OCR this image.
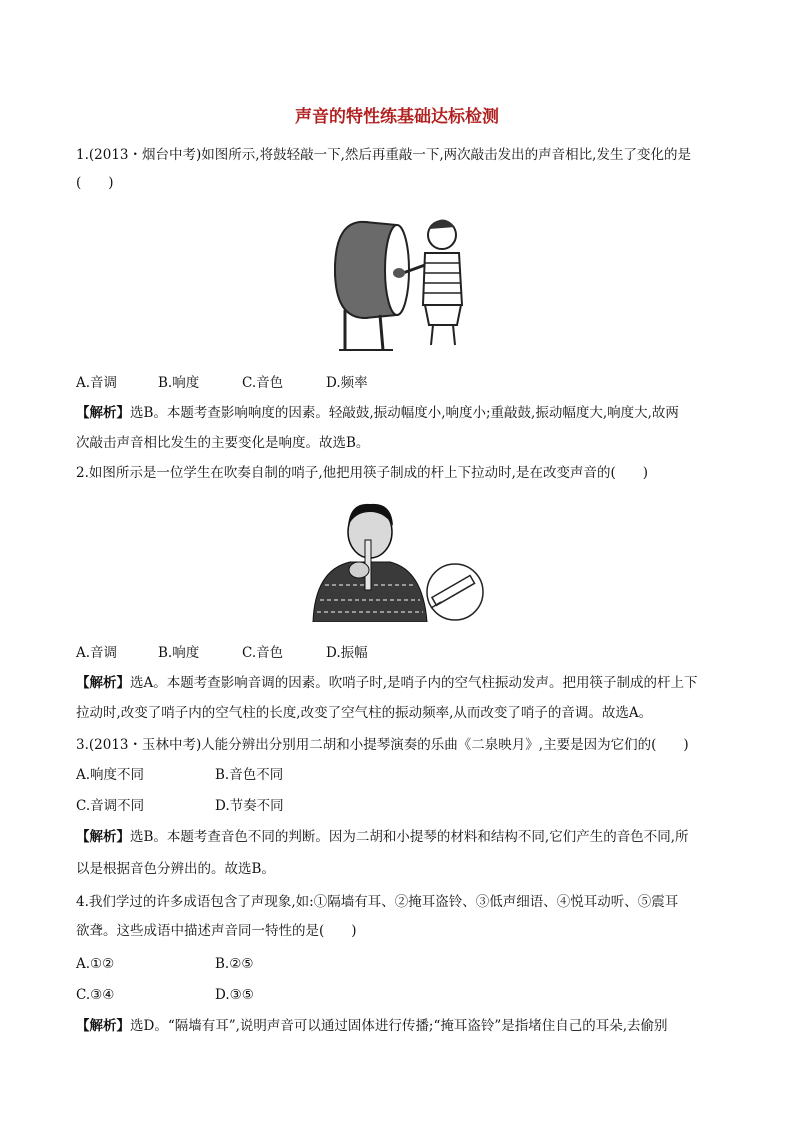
声音的特性练基础达标检测
1.(2013・烟台中考)如图所示,将鼓轻敲一下,然后再重敲一下,两次敲击发出的声音相比,发生了变化的是
(　　)
A.音调	B.响度	C.音色	D.频率
【解析】选B。本题考查影响响度的因素。轻敲鼓,振动幅度小,响度小;重敲鼓,振动幅度大,响度大,故两
次敲击声音相比发生的主要变化是响度。故选B。
2.如图所示是一位学生在吹奏自制的哨子,他把用筷子制成的杆上下拉动时,是在改变声音的(　　)
A.音调	B.响度	C.音色	D.振幅
【解析】选A。本题考查影响音调的因素。吹哨子时,是哨子内的空气柱振动发声。把用筷子制成的杆上下
拉动时,改变了哨子内的空气柱的长度,改变了空气柱的振动频率,从而改变了哨子的音调。故选A。
3.(2013・玉林中考)人能分辨出分别用二胡和小提琴演奏的乐曲《二泉映月》,主要是因为它们的(　　)
A.响度不同	B.音色不同
C.音调不同	D.节奏不同
【解析】选B。本题考查音色不同的判断。因为二胡和小提琴的材料和结构不同,它们产生的音色不同,所
以是根据音色分辨出的。故选B。
4.我们学过的许多成语包含了声现象,如:①隔墙有耳、②掩耳盗铃、③低声细语、④悦耳动听、⑤震耳
欲聋。这些成语中描述声音同一特性的是(　　)
A.①②	B.②⑤
C.③④	D.③⑤
【解析】选D。“隔墙有耳”,说明声音可以通过固体进行传播;“掩耳盗铃”是指堵住自己的耳朵,去偷别
